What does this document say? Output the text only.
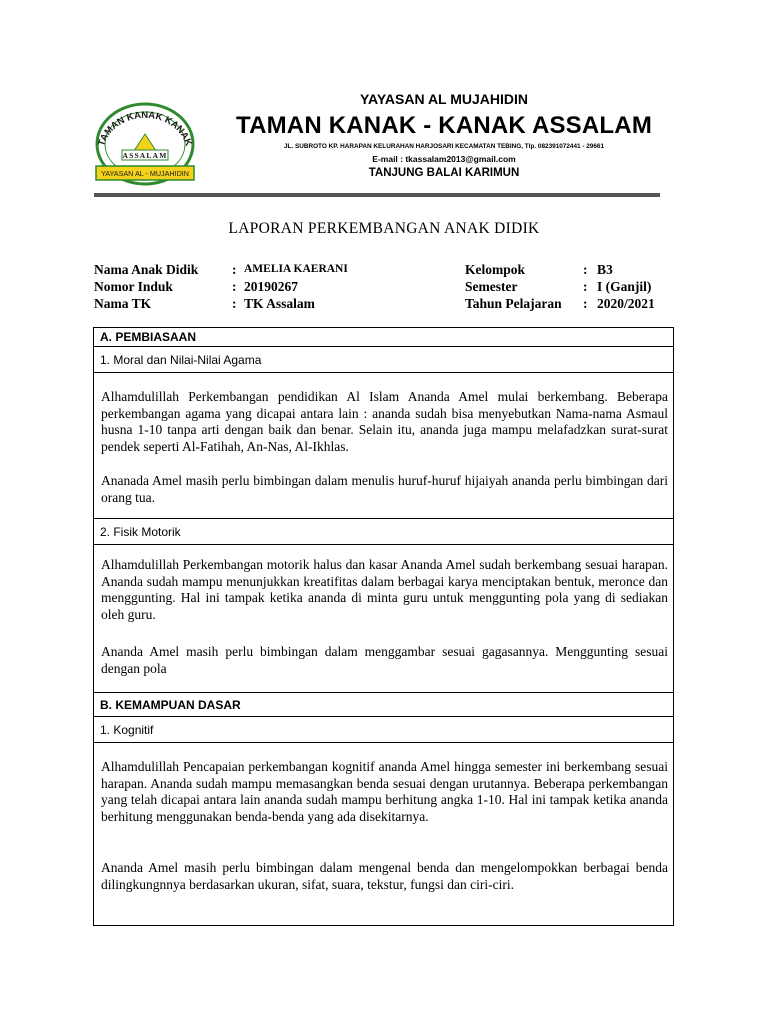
TAMAN KANAK KANAK
ASSALAM
YAYASAN AL - MUJAHIDIN
YAYASAN AL MUJAHIDIN
TAMAN KANAK - KANAK ASSALAM
JL. SUBROTO KP. HARAPAN KELURAHAN HARJOSARI KECAMATAN TEBING, Tlp. 082391072441 - 29661
E-mail : tkassalam2013@gmail.com
TANJUNG BALAI KARIMUN
LAPORAN PERKEMBANGAN ANAK DIDIK
Nama Anak Didik	: AMELIA KAERANI
Nomor Induk	: 20190267
Nama TK	: TK Assalam
Kelompok	: B3
Semester	: I (Ganjil)
Tahun Pelajaran	: 2020/2021
A. PEMBIASAAN
1. Moral dan Nilai-Nilai Agama
Alhamdulillah Perkembangan pendidikan Al Islam Ananda Amel mulai berkembang. Beberapa perkembangan agama yang dicapai antara lain : ananda sudah bisa menyebutkan Nama-nama Asmaul husna 1-10 tanpa arti dengan baik dan benar. Selain itu, ananda juga mampu melafadzkan surat-surat pendek seperti Al-Fatihah, An-Nas, Al-Ikhlas.
Ananada Amel masih perlu bimbingan dalam menulis huruf-huruf hijaiyah ananda perlu bimbingan dari orang tua.
2. Fisik Motorik
Alhamdulillah Perkembangan motorik halus dan kasar Ananda Amel sudah berkembang sesuai harapan. Ananda sudah mampu menunjukkan kreatifitas dalam berbagai karya menciptakan bentuk, meronce dan menggunting. Hal ini tampak ketika ananda di minta guru untuk menggunting pola yang di sediakan oleh guru.
Ananda Amel masih perlu bimbingan dalam menggambar sesuai gagasannya. Menggunting sesuai dengan pola
B. KEMAMPUAN DASAR
1. Kognitif
Alhamdulillah Pencapaian perkembangan kognitif ananda Amel hingga semester ini berkembang sesuai harapan. Ananda sudah mampu memasangkan benda sesuai dengan urutannya. Beberapa perkembangan yang telah dicapai antara lain ananda sudah mampu berhitung angka 1-10. Hal ini tampak ketika ananda berhitung menggunakan benda-benda yang ada disekitarnya.
Ananda Amel masih perlu bimbingan dalam mengenal benda dan mengelompokkan berbagai benda dilingkungnnya berdasarkan ukuran, sifat, suara, tekstur, fungsi dan ciri-ciri.
